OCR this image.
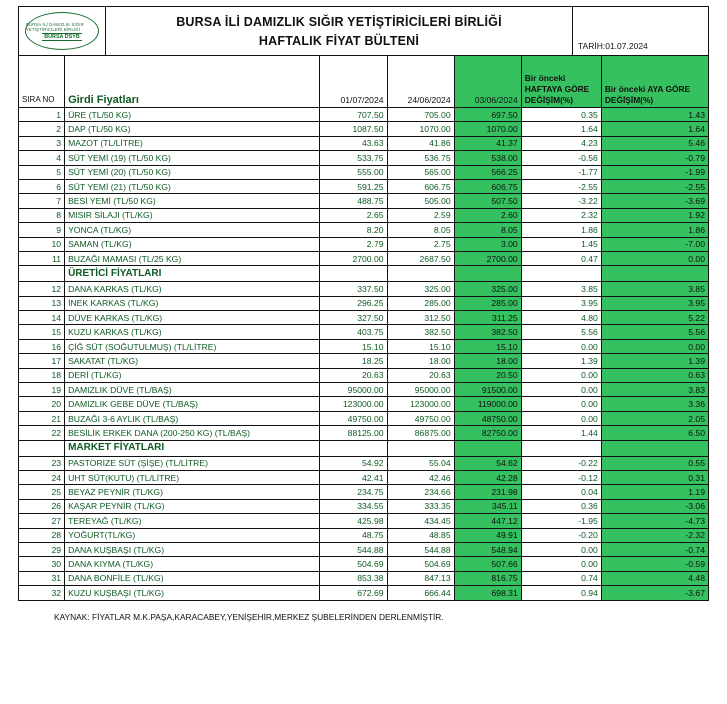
BURSA İLİ DAMIZLIK SIĞIR YETİŞTİRİCİLERİ BİRLİĞİ
BURSA DSYB
BURSA İLİ DAMIZLIK SIĞIR YETİŞTİRİCİLERİ BİRLİĞİ
HAFTALIK FİYAT BÜLTENİ	TARİH:01.07.2024
SIRA NO	Girdi Fiyatları	01/07/2024	24/06/2024	03/06/2024	Bir önceki HAFTAYA GÖRE DEĞİŞİM(%)	Bir önceki AYA GÖRE DEĞİŞİM(%)
1	ÜRE (TL/50 KG)	707.50	705.00	697.50	0.35	1.43
2	DAP (TL/50 KG)	1087.50	1070.00	1070.00	1.64	1.64
3	MAZOT (TL/LİTRE)	43.63	41.86	41.37	4.23	5.46
4	SÜT YEMİ (19) (TL/50 KG)	533.75	536.75	538.00	-0.56	-0.79
5	SÜT YEMİ (20) (TL/50 KG)	555.00	565.00	566.25	-1.77	-1.99
6	SÜT YEMİ (21) (TL/50 KG)	591.25	606.75	606.75	-2.55	-2.55
7	BESİ YEMİ (TL/50 KG)	488.75	505.00	507.50	-3.22	-3.69
8	MISIR SİLAJI (TL/KG)	2.65	2.59	2.60	2.32	1.92
9	YONCA (TL/KG)	8.20	8.05	8.05	1.86	1.86
10	SAMAN (TL/KG)	2.79	2.75	3.00	1.45	-7.00
11	BUZAĞI MAMASI (TL/25 KG)	2700.00	2687.50	2700.00	0.47	0.00
	ÜRETİCİ FİYATLARI					
12	DANA KARKAS (TL/KG)	337.50	325.00	325.00	3.85	3.85
13	İNEK KARKAS (TL/KG)	296.25	285.00	285.00	3.95	3.95
14	DÜVE KARKAS (TL/KG)	327.50	312.50	311.25	4.80	5.22
15	KUZU KARKAS (TL/KG)	403.75	382.50	382.50	5.56	5.56
16	ÇİĞ SÜT (SOĞUTULMUŞ) (TL/LİTRE)	15.10	15.10	15.10	0.00	0.00
17	SAKATAT (TL/KG)	18.25	18.00	18.00	1.39	1.39
18	DERİ (TL/KG)	20.63	20.63	20.50	0.00	0.63
19	DAMIZLIK DÜVE (TL/BAŞ)	95000.00	95000.00	91500.00	0.00	3.83
20	DAMIZLIK GEBE DÜVE (TL/BAŞ)	123000.00	123000.00	119000.00	0.00	3.36
21	BUZAĞI 3-6 AYLIK (TL/BAŞ)	49750.00	49750.00	48750.00	0.00	2.05
22	BESİLİK ERKEK DANA (200-250 KG) (TL/BAŞ)	88125.00	86875.00	82750.00	1.44	6.50
	MARKET FİYATLARI					
23	PASTORİZE SÜT (ŞİŞE) (TL/LİTRE)	54.92	55.04	54.62	-0.22	0.55
24	UHT SÜT(KUTU) (TL/LİTRE)	42.41	42.46	42.28	-0.12	0.31
25	BEYAZ PEYNİR (TL/KG)	234.75	234.66	231.98	0.04	1.19
26	KAŞAR PEYNİR (TL/KG)	334.55	333.35	345.11	0.36	-3.06
27	TEREYAĞ (TL/KG)	425.98	434.45	447.12	-1.95	-4.73
28	YOĞURT(TL/KG)	48.75	48.85	49.91	-0.20	-2.32
29	DANA KUŞBAŞI (TL/KG)	544.88	544.88	548.94	0.00	-0.74
30	DANA KIYMA (TL/KG)	504.69	504.69	507.66	0.00	-0.59
31	DANA BONFİLE (TL/KG)	853.38	847.13	816.75	0.74	4.48
32	KUZU KUŞBAŞI (TL/KG)	672.69	666.44	698.31	0.94	-3.67
KAYNAK: FİYATLAR M.K.PAŞA,KARACABEY,YENİŞEHİR,MERKEZ ŞUBELERİNDEN DERLENMİŞTİR.
